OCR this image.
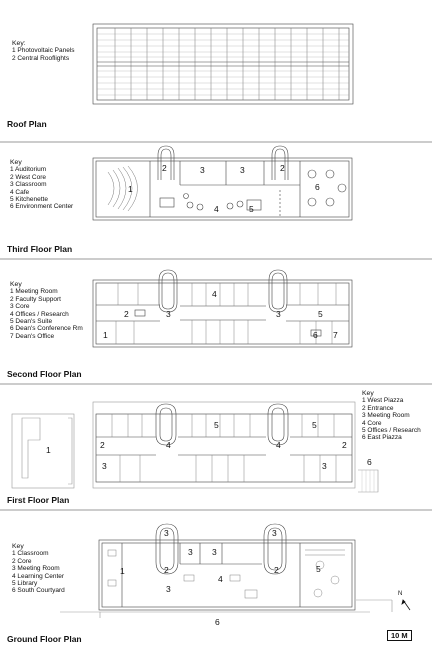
Key:
1 Photovoltaic Panels
2 Central Rooflights
Roof Plan
Key
1 Auditorium
2 West Core
3 Classroom
4 Cafe
5 Kitchenette
6 Environment Center
1
2	3	3	2
6
4	5
Third Floor Plan
Key
1 Meeting Room
2 Faculty Support
3 Core
4 Offices / Research
5 Dean's Suite
6 Dean's Conference Rm
7 Dean's Office
4
2	3	3	5
1	6 7
Second Floor Plan
Key
1 West Piazza
2 Entrance
3 Meeting Room
4 Core
5 Offices / Research
6 East Piazza
1
5	5
2	2
4	4
3	3	6
First Floor Plan
Key
1 Classroom
2 Core
3 Meeting Room
4 Learning Center
5 Library
6 South Courtyard
3	3
3 3
3
1	2	2
4
5
6
Ground Floor Plan
N
10 M
